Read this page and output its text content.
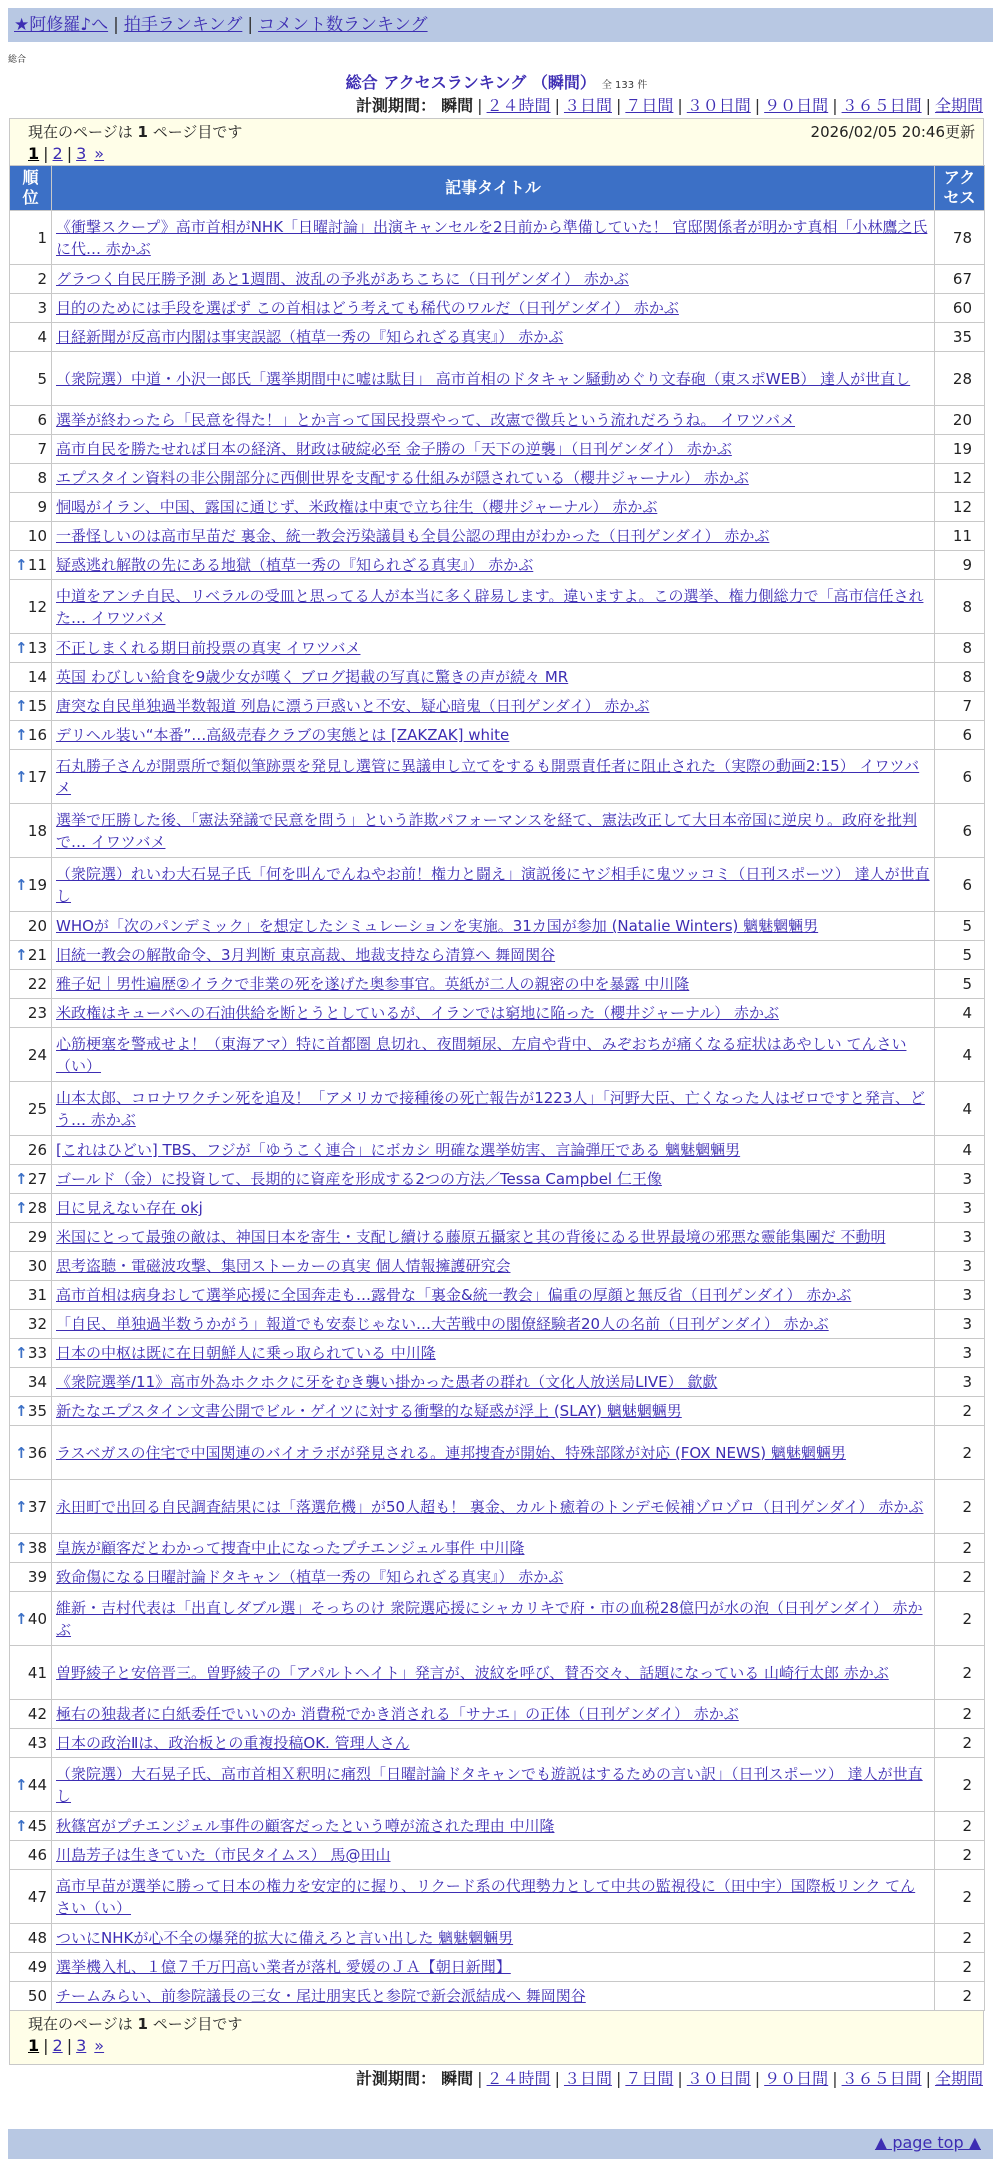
★阿修羅♪へ | 拍手ランキング | コメント数ランキング
総合
総合 アクセスランキング （瞬間） 全 133 件
計測期間： 瞬間 | ２４時間 | ３日間 | ７日間 | ３０日間 | ９０日間 | ３６５日間 | 全期間
現在のページは 1 ページ目です	2026/02/05 20:46更新
1 | 2 | 3 »
順位	記事タイトル	アクセス
1	《衝撃スクープ》高市首相がNHK「日曜討論」出演キャンセルを2日前から準備していた！ 官邸関係者が明かす真相「小林鷹之氏に代… 赤かぶ	78
2	グラつく自民圧勝予測 あと1週間、波乱の予兆があちこちに（日刊ゲンダイ） 赤かぶ	67
3	目的のためには手段を選ばず この首相はどう考えても稀代のワルだ（日刊ゲンダイ） 赤かぶ	60
4	日経新聞が反高市内閣は事実誤認（植草一秀の『知られざる真実』） 赤かぶ	35
5	（衆院選）中道・小沢一郎氏「選挙期間中に嘘は駄目」 高市首相のドタキャン騒動めぐり文春砲（東スポWEB） 達人が世直し	28
6	選挙が終わったら「民意を得た！」とか言って国民投票やって、改憲で徴兵という流れだろうね。 イワツバメ	20
7	高市自民を勝たせれば日本の経済、財政は破綻必至 金子勝の「天下の逆襲」（日刊ゲンダイ） 赤かぶ	19
8	エプスタイン資料の非公開部分に西側世界を支配する仕組みが隠されている（櫻井ジャーナル） 赤かぶ	12
9	恫喝がイラン、中国、露国に通じず、米政権は中東で立ち往生（櫻井ジャーナル） 赤かぶ	12
10	一番怪しいのは高市早苗だ 裏金、統一教会汚染議員も全員公認の理由がわかった（日刊ゲンダイ） 赤かぶ	11

↑ 11	疑惑逃れ解散の先にある地獄（植草一秀の『知られざる真実』） 赤かぶ	9
12	中道をアンチ自民、リベラルの受皿と思ってる人が本当に多く辟易します。違いますよ。この選挙、権力側総力で「高市信任された… イワツバメ	8

↑ 13	不正しまくれる期日前投票の真実 イワツバメ	8
14	英国 わびしい給食を9歳少女が嘆く ブログ掲載の写真に驚きの声が続々 MR	8

↑ 15	唐突な自民単独過半数報道 列島に漂う戸惑いと不安、疑心暗鬼（日刊ゲンダイ） 赤かぶ	7

↑ 16	デリヘル装い“本番”…高級売春クラブの実態とは [ZAKZAK] white	6

↑ 17	石丸勝子さんが開票所で類似筆跡票を発見し選管に異議申し立てをするも開票責任者に阻止された（実際の動画2:15） イワツバメ	6
18	選挙で圧勝した後、「憲法発議で民意を問う」という詐欺パフォーマンスを経て、憲法改正して大日本帝国に逆戻り。政府を批判で… イワツバメ	6

↑ 19	（衆院選）れいわ大石晃子氏「何を叫んでんねやお前！権力と闘え」演説後にヤジ相手に鬼ツッコミ（日刊スポーツ） 達人が世直し	6
20	WHOが「次のパンデミック」を想定したシミュレーションを実施。31カ国が参加 (Natalie Winters) 魑魅魍魎男	5

↑ 21	旧統一教会の解散命令、3月判断 東京高裁、地裁支持なら清算へ 舞岡関谷	5
22	雅子妃｜男性遍歴②イラクで非業の死を遂げた奥参事官。英紙が二人の親密の中を暴露 中川隆	5
23	米政権はキューバへの石油供給を断とうとしているが、イランでは窮地に陥った（櫻井ジャーナル） 赤かぶ	4
24	心筋梗塞を警戒せよ！（東海アマ）特に首都圏 息切れ、夜間頻尿、左肩や背中、みぞおちが痛くなる症状はあやしい てんさい（い）	4
25	山本太郎、コロナワクチン死を追及！「アメリカで接種後の死亡報告が1223人」「河野大臣、亡くなった人はゼロですと発言、どう… 赤かぶ	4
26	[これはひどい] TBS、フジが「ゆうこく連合」にボカシ 明確な選挙妨害、言論弾圧である 魑魅魍魎男	4

↑ 27	ゴールド（金）に投資して、長期的に資産を形成する2つの方法／Tessa Campbel 仁王像	3

↑ 28	目に見えない存在 okj	3
29	米国にとって最強の敵は、神国日本を寄生・支配し續ける藤原五攝家と其の背後にゐる世界最境の邪悪な靈能集團だ 不動明	3
30	思考盗聴・電磁波攻撃、集団ストーカーの真実 個人情報擁護研究会	3
31	高市首相は病身おして選挙応援に全国奔走も…露骨な「裏金&統一教会」偏重の厚顔と無反省（日刊ゲンダイ） 赤かぶ	3
32	「自民、単独過半数うかがう」報道でも安泰じゃない…大苦戦中の閣僚経験者20人の名前（日刊ゲンダイ） 赤かぶ	3

↑ 33	日本の中枢は既に在日朝鮮人に乗っ取られている 中川隆	3
34	《衆院選挙/11》高市外為ホクホクに牙をむき襲い掛かった愚者の群れ（文化人放送局LIVE） 歙歔	3

↑ 35	新たなエプスタイン文書公開でビル・ゲイツに対する衝撃的な疑惑が浮上 (SLAY) 魑魅魍魎男	2

↑ 36	ラスベガスの住宅で中国関連のバイオラボが発見される。連邦捜査が開始、特殊部隊が対応 (FOX NEWS) 魑魅魍魎男	2

↑ 37	永田町で出回る自民調査結果には「落選危機」が50人超も！ 裏金、カルト癒着のトンデモ候補ゾロゾロ（日刊ゲンダイ） 赤かぶ	2

↑ 38	皇族が顧客だとわかって捜査中止になったプチエンジェル事件 中川隆	2
39	致命傷になる日曜討論ドタキャン（植草一秀の『知られざる真実』） 赤かぶ	2

↑ 40	維新・吉村代表は「出直しダブル選」そっちのけ 衆院選応援にシャカリキで府・市の血税28億円が水の泡（日刊ゲンダイ） 赤かぶ	2
41	曽野綾子と安倍晋三。曽野綾子の「アパルトヘイト」発言が、波紋を呼び、賛否交々、話題になっている 山崎行太郎 赤かぶ	2
42	極右の独裁者に白紙委任でいいのか 消費税でかき消される「サナエ」の正体（日刊ゲンダイ） 赤かぶ	2
43	日本の政治Ⅱは、政治板との重複投稿OK. 管理人さん	2

↑ 44	（衆院選）大石晃子氏、高市首相Ｘ釈明に痛烈「日曜討論ドタキャンでも遊説はするための言い訳」（日刊スポーツ） 達人が世直し	2

↑ 45	秋篠宮がプチエンジェル事件の顧客だったという噂が流された理由 中川隆	2
46	川島芳子は生きていた（市民タイムス） 馬@田山	2
47	高市早苗が選挙に勝って日本の権力を安定的に握り、リクード系の代理勢力として中共の監視役に（田中宇）国際板リンク てんさい（い）	2
48	ついにNHKが心不全の爆発的拡大に備えろと言い出した 魑魅魍魎男	2
49	選挙機入札、１億７千万円高い業者が落札 愛媛のＪＡ【朝日新聞】	2
50	チームみらい、前参院議長の三女・尾辻朋実氏と参院で新会派結成へ 舞岡関谷	2
現在のページは 1 ページ目です
1 | 2 | 3 »
計測期間： 瞬間 | ２４時間 | ３日間 | ７日間 | ３０日間 | ９０日間 | ３６５日間 | 全期間
▲ page top ▲
